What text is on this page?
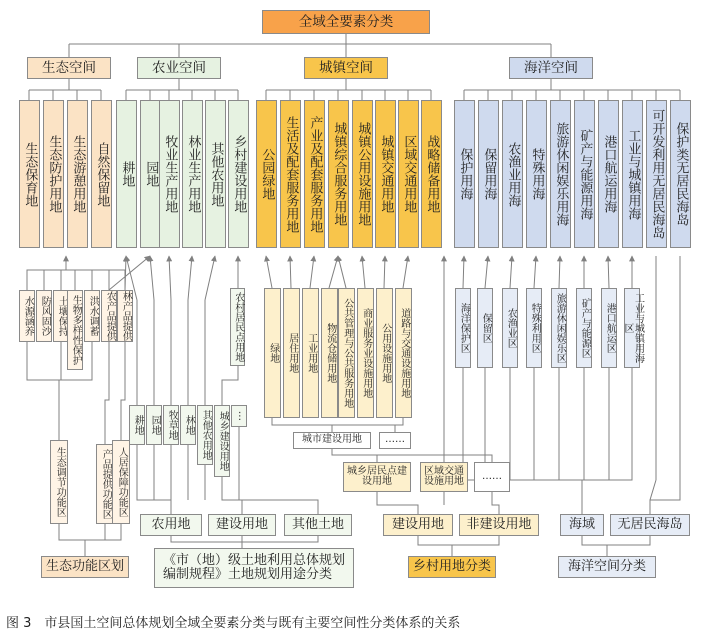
全域全要素分类
生态空间	农业空间	城镇空间	海洋空间
生态保育地 生态防护用地 生态游憩用地 自然保留地 耕地 园地 牧业生产用地 林业生产用地 其他农用地 乡村建设用地 公园绿地 生活及配套服务用地 产业及配套服务用地 城镇综合服务用地 城镇公用设施用地 城镇交通用地 区域交通用地 战略储备用地 保护用海 保留用海 农渔业用海 特殊用海 旅游休闲娱乐用海 矿产与能源用海 港口航运用海 工业与城镇用海 可开发利用无居民海岛 保护类无居民海岛
水源涵养 防风固沙 土壤保持 生物多样性保护 洪水调蓄 农产品提供 林产品提供
生态调节功能区	产品提供功能区 人居保障功能区
农村居民点用地
耕地 园地 牧草地 林地 其他农用地 城乡建设用地 ⋮
绿地 居住用地 工业用地 物流仓储用地 公共管理与公共服务用地 商业服务业设施用地 公用设施用地 道路与交通设施用地
城市建设用地	……
城乡居民点建设用地
区域交通设施用地	……
海洋保护区	保留区	农渔业区	特殊利用区	旅游休闲娱乐区	矿产与能源区	港口航运区	工业与城镇用海区
农用地	建设用地	其他土地	建设用地	非建设用地	海域	无居民海岛
生态功能区划	《市（地）级土地利用总体规划编制规程》土地规划用途分类
乡村用地分类	海洋空间分类
图 3　市县国土空间总体规划全域全要素分类与既有主要空间性分类体系的关系
